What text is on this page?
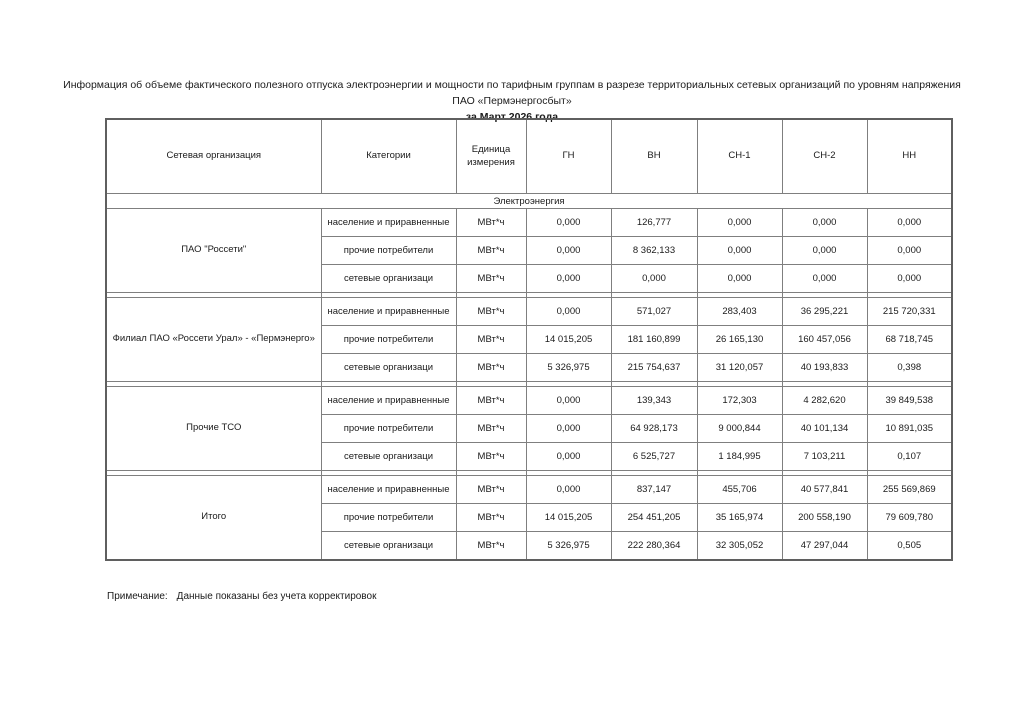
Информация об объеме фактического полезного отпуска электроэнергии и мощности по тарифным группам в разрезе территориальных сетевых организаций по уровням напряжения ПАО «Пермэнергосбыт»
за Март 2026 года
Сетевая организация	Категории	Единица измерения	ГН	ВН	СН-1	СН-2	НН
Электроэнергия							
ПАО "Россети"	население и приравненные	МВт*ч	0,000	126,777	0,000	0,000	0,000
	прочие потребители	МВт*ч	0,000	8 362,133	0,000	0,000	0,000
	сетевые организаци	МВт*ч	0,000	0,000	0,000	0,000	0,000

Филиал ПАО «Россети Урал» - «Пермэнерго»	население и приравненные	МВт*ч	0,000	571,027	283,403	36 295,221	215 720,331
	прочие потребители	МВт*ч	14 015,205	181 160,899	26 165,130	160 457,056	68 718,745
	сетевые организаци	МВт*ч	5 326,975	215 754,637	31 120,057	40 193,833	0,398

Прочие ТСО	население и приравненные	МВт*ч	0,000	139,343	172,303	4 282,620	39 849,538
	прочие потребители	МВт*ч	0,000	64 928,173	9 000,844	40 101,134	10 891,035
	сетевые организаци	МВт*ч	0,000	6 525,727	1 184,995	7 103,211	0,107

Итого	население и приравненные	МВт*ч	0,000	837,147	455,706	40 577,841	255 569,869
	прочие потребители	МВт*ч	14 015,205	254 451,205	35 165,974	200 558,190	79 609,780
	сетевые организаци	МВт*ч	5 326,975	222 280,364	32 305,052	47 297,044	0,505
Примечание: Данные показаны без учета корректировок
